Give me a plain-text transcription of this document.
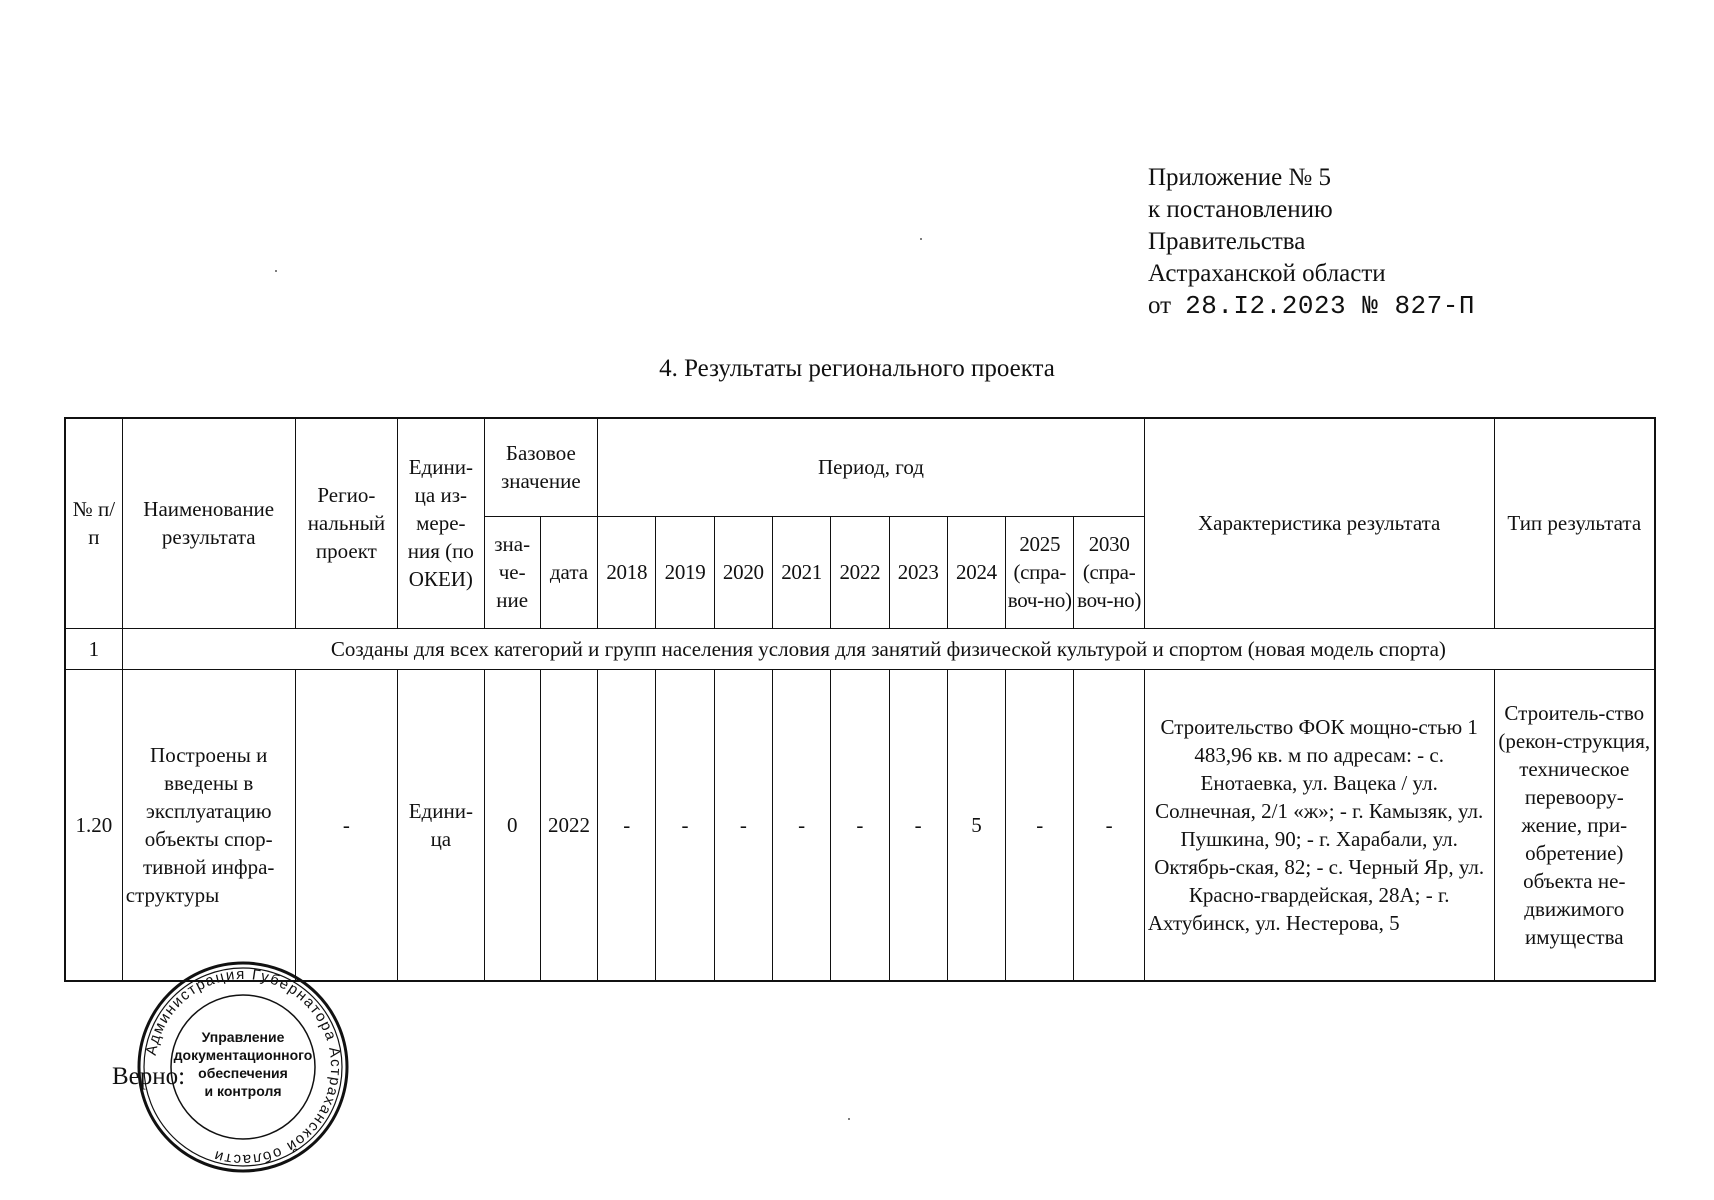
Приложение № 5
к постановлению
Правительства
Астраханской области
от 28.I2.2023 № 827-П
4. Результаты регионального проекта
№ п/п	Наименование результата	Регио-нальный проект	Едини-ца из-мере-ния (по ОКЕИ)	Базовое значение		Период, год									Характеристика результата	Тип результата
				зна-че-ние	дата	2018	2019	2020	2021	2022	2023	2024	2025 (спра-воч-но)	2030 (спра-воч-но)		
1	Созданы для всех категорий и групп населения условия для занятий физической культурой и спортом (новая модель спорта)															
1.20	Построены и введены в эксплуатацию объекты спор-тивной инфра-структуры	-	Едини-ца	0	2022	-	-	-	-	-	-	5	-	-	Строительство ФОК мощно-стью 1 483,96 кв. м по адресам: - с. Енотаевка, ул. Вацека / ул. Солнечная, 2/1 «ж»; - г. Камызяк, ул. Пушкина, 90; - г. Харабали, ул. Октябрь-ская, 82; - с. Черный Яр, ул. Красно-гвардейская, 28А; - г. Ахтубинск, ул. Нестерова, 5	Строитель-ство (рекон-струкция, техническое перевоору-жение, при-обретение) объекта не-движимого имущества
Администрация Губернатора Астраханской области
Управление
документационного
обеспечения
и контроля
Верно:
